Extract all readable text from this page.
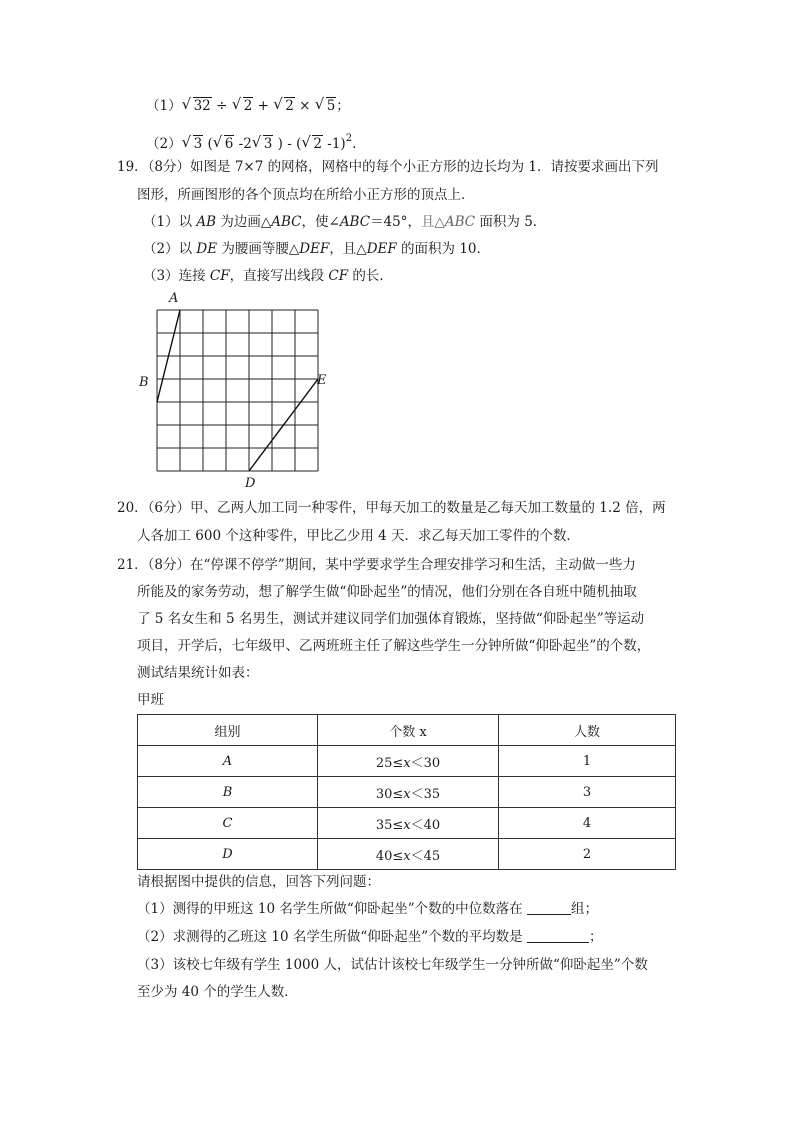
（1） √ 32 ÷ √ 2 + √ 2 × √ 5；
（2） √ 3 ( √ 6 -2 √ 3 ) - ( √ 2 -1)$^2$.
19．（8分）如图是 7×7 的网格，网格中的每个小正方形的边长均为 1．请按要求画出下列
图形，所画图形的各个顶点均在所给小正方形的顶点上．
（1）以 AB 为边画△ABC，使∠ABC＝45°，且△ABC 面积为 5．
（2）以 DE 为腰画等腰△DEF，且△DEF 的面积为 10．
（3）连接 CF，直接写出线段 CF 的长．
A
B
D
E
20．（6分）甲、乙两人加工同一种零件，甲每天加工的数量是乙每天加工数量的 1.2 倍，两
人各加工 600 个这种零件，甲比乙少用 4 天．求乙每天加工零件的个数．
21．（8分）在“停课不停学”期间，某中学要求学生合理安排学习和生活，主动做一些力
所能及的家务劳动，想了解学生做“仰卧起坐”的情况，他们分别在各自班中随机抽取
了 5 名女生和 5 名男生，测试并建议同学们加强体育锻炼，坚持做“仰卧起坐”等运动
项目，开学后，七年级甲、乙两班班主任了解这些学生一分钟所做“仰卧起坐”的个数，
测试结果统计如表：
甲班
组别	个数 x	人数
A	25≤x＜30	1
B	30≤x＜35	3
C	35≤x＜40	4
D	40≤x＜45	2
请根据图中提供的信息，回答下列问题：
（1）测得的甲班这 10 名学生所做“仰卧起坐”个数的中位数落在	组；
（2）求测得的乙班这 10 名学生所做“仰卧起坐”个数的平均数是	；
（3）该校七年级有学生 1000 人，试估计该校七年级学生一分钟所做“仰卧起坐”个数
至少为 40 个的学生人数．
